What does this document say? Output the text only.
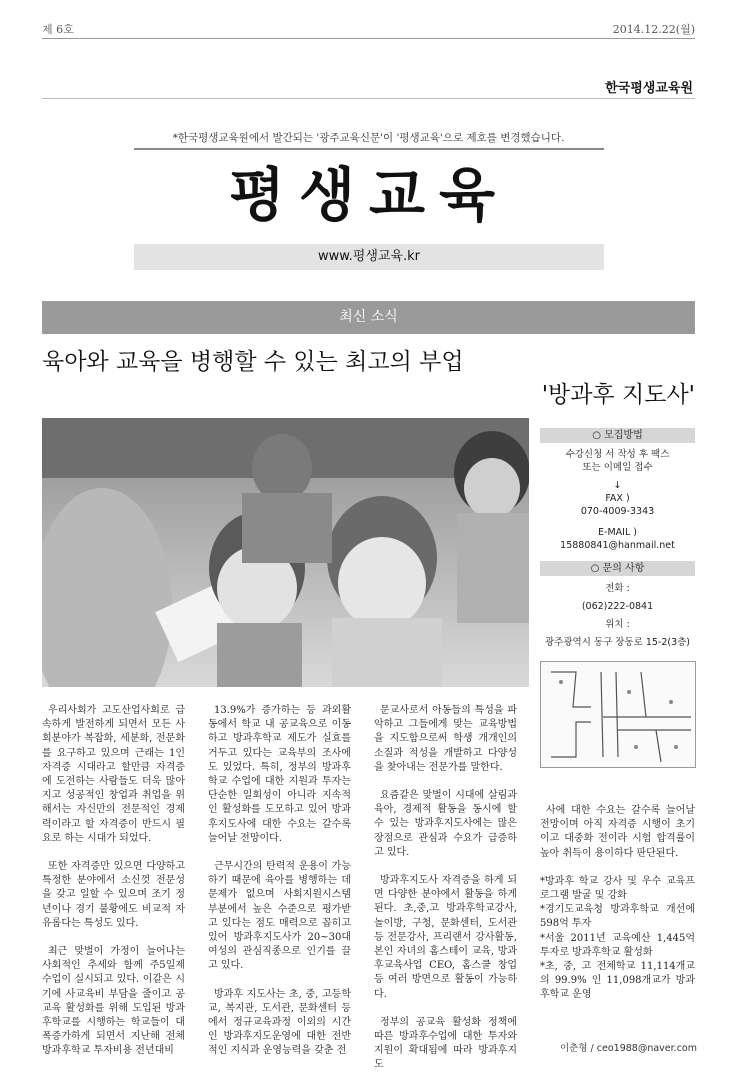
제 6호	2014.12.22(월)
한국평생교육원
*한국평생교육원에서 발간되는 '광주교육신문'이 '평생교육'으로 제호를 변경했습니다.
평생교육
www.평생교육.kr
최신 소식
육아와 교육을 병행할 수 있는 최고의 부업
'방과후 지도사'
○ 모집방법
수강신청 서 작성 후 팩스
또는 이메일 접수
↓
FAX )
070-4009-3343
E-MAIL )
15880841@hanmail.net
○ 문의 사항
전화 :
(062)222-0841
위치 :
광주광역시 동구 장동로 15-2(3층)

우리사회가 고도산업사회로 급속하게 발전하게 되면서 모든 사회분야가 복잡화, 세분화, 전문화를 요구하고 있으며 근래는 1인 자격증 시대라고 할만큼 자격증에 도전하는 사람들도 더욱 많아지고 성공적인 창업과 취업을 위해서는 자신만의 전문적인 경제력이라고 할 자격증이 반드시 필요로 하는 시대가 되었다.

또한 자격증만 있으면 다양하고 특정한 분야에서 소신껏 전문성을 갖고 일할 수 있으며 조기 정년이나 경기 불황에도 비교적 자유롭다는 특성도 있다.

최근 맞벌이 가정이 늘어나는 사회적인 추세와 함께 주5일제 수업이 실시되고 있다. 이같은 시기에 사교육비 부담을 줄이고 공교육 활성화를 위해 도입된 방과후학교를 시행하는 학교들이 대폭증가하게 되면서 지난해 전체 방과후학교 투자비용 전년대비

13.9%가 증가하는 등 과외활동에서 학교 내 공교육으로 이동하고 방과후학교 제도가 실효를 거두고 있다는 교육부의 조사에도 있었다. 특히, 정부의 방과후 학교 수업에 대한 지원과 투자는 단순한 일회성이 아니라 지속적인 활성화를 도모하고 있어 방과후지도사에 대한 수요는 갈수록 늘어날 전망이다.

근무시간의 탄력적 운용이 가능하기 때문에 육아를 병행하는 데 문제가 없으며 사회지원시스템 부분에서 높은 수준으로 평가받고 있다는 점도 매력으로 꼽히고 있어 방과후지도사가 20~30대 여성의 관심직종으로 인기를 끌고 있다.

방과후 지도사는 초, 중, 고등학교, 복지관, 도서관, 문화센터 등에서 정규교육과정 이외의 시간인 방과후지도운영에 대한 전반적인 지식과 운영능력을 갖춘 전

문교사로서 아동들의 특성을 파악하고 그들에게 맞는 교육방법을 지도함으로써 학생 개개인의 소질과 적성을 개발하고 다양성을 찾아내는 전문가를 말한다.

요즘같은 맞벌이 시대에 살림과 육아, 경제적 활동을 동시에 할 수 있는 방과후지도사에는 많은 장점으로 관심과 수요가 급증하고 있다.

방과후지도사 자격증을 하게 되면 다양한 분야에서 활동을 하게 된다. 초,중,고 방과후학교강사, 놀이방, 구청, 문화센터, 도서관 등 전문강사, 프리랜서 강사활동, 본인 자녀의 홈스테이 교육, 방과후교육사업 CEO, 홈스쿨 창업 등 여러 방면으로 활동이 가능하다.

정부의 공교육 활성화 정책에 따른 방과후수업에 대한 투자와 지원이 확대됨에 따라 방과후지도

사에 대한 수요는 갈수록 늘어날 전망이며 아직 자격증 시행이 초기이고 대중화 전이라 시험 합격률이 높아 취득이 용이하다 판단된다.

*방과후 학교 강사 및 우수 교육프로그램 발굴 및 강화
*경기도교육청 방과후학교 개선에 598억 투자
*서울 2011년 교육예산 1,445억 투자로 방과후학교 활성화
*초, 중, 고 전체학교 11,114개교의 99.9% 인 11,098개교가 방과후학교 운영
이춘형 / ceo1988@naver.com
